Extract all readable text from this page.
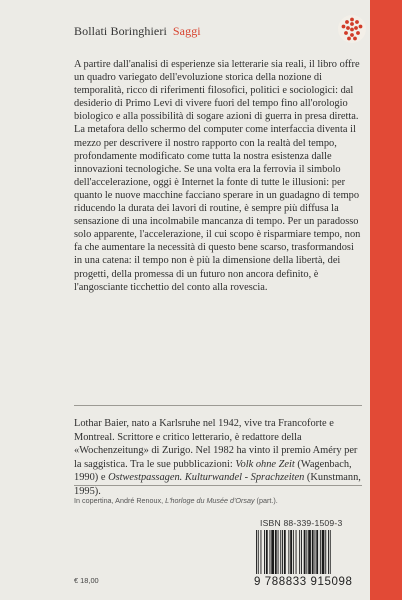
Bollati Boringhieri Saggi

A partire dall'analisi di esperienze sia letterarie sia reali, il libro offre un quadro variegato dell'evoluzione storica della nozione di temporalità, ricco di riferimenti filosofici, politici e sociologici: dal desiderio di Primo Levi di vivere fuori del tempo fino all'orologio biologico e alla possibilità di sogare azioni di guerra in presa diretta. La metafora dello schermo del computer come interfaccia diventa il mezzo per descrivere il nostro rapporto con la realtà del tempo, profondamente modificato come tutta la nostra esistenza dalle innovazioni tecnologiche. Se una volta era la ferrovia il simbolo dell'accelerazione, oggi è Internet la fonte di tutte le illusioni: per quanto le nuove macchine facciano sperare in un guadagno di tempo riducendo la durata dei lavori di routine, è sempre più diffusa la sensazione di una incolmabile mancanza di tempo. Per un paradosso solo apparente, l'accelerazione, il cui scopo è risparmiare tempo, non fa che aumentare la necessità di questo bene scarso, trasformandosi in una catena: il tempo non è più la dimensione della libertà, dei progetti, della promessa di un futuro non ancora definito, è l'angosciante ticchettio del conto alla rovescia.

Lothar Baier, nato a Karlsruhe nel 1942, vive tra Francoforte e Montreal. Scrittore e critico letterario, è redattore della «Wochenzeitung» di Zurigo. Nel 1982 ha vinto il premio Améry per la saggistica. Tra le sue pubblicazioni: Volk ohne Zeit (Wagenbach, 1990) e Ostwestpassagen. Kulturwandel - Sprachzeiten (Kunstmann, 1995).
In copertina, André Renoux, L'horloge du Musée d'Orsay (part.).
ISBN 88-339-1509-3
9 788833 915098
€ 18,00
